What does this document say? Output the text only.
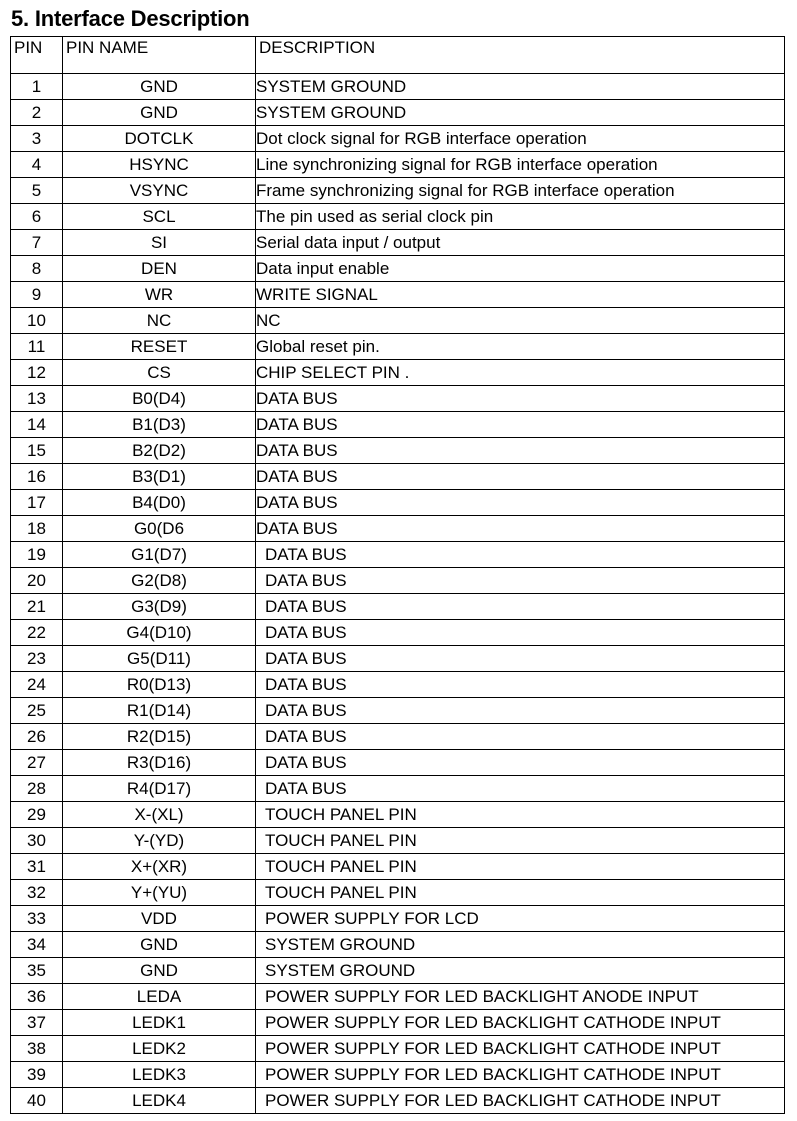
5. Interface Description
PIN	PIN NAME	DESCRIPTION
1	GND	SYSTEM GROUND
2	GND	SYSTEM GROUND
3	DOTCLK	Dot clock signal for RGB interface operation
4	HSYNC	Line synchronizing signal for RGB interface operation
5	VSYNC	Frame synchronizing signal for RGB interface operation
6	SCL	The pin used as serial clock pin
7	SI	Serial data input / output
8	DEN	Data input enable
9	WR	WRITE SIGNAL
10	NC	NC
11	RESET	Global reset pin.
12	CS	CHIP SELECT PIN .
13	B0(D4)	DATA BUS
14	B1(D3)	DATA BUS
15	B2(D2)	DATA BUS
16	B3(D1)	DATA BUS
17	B4(D0)	DATA BUS
18	G0(D6	DATA BUS
19	G1(D7)	DATA BUS
20	G2(D8)	DATA BUS
21	G3(D9)	DATA BUS
22	G4(D10)	DATA BUS
23	G5(D11)	DATA BUS
24	R0(D13)	DATA BUS
25	R1(D14)	DATA BUS
26	R2(D15)	DATA BUS
27	R3(D16)	DATA BUS
28	R4(D17)	DATA BUS
29	X-(XL)	TOUCH PANEL PIN
30	Y-(YD)	TOUCH PANEL PIN
31	X+(XR)	TOUCH PANEL PIN
32	Y+(YU)	TOUCH PANEL PIN
33	VDD	POWER SUPPLY FOR LCD
34	GND	SYSTEM GROUND
35	GND	SYSTEM GROUND
36	LEDA	POWER SUPPLY FOR LED BACKLIGHT ANODE INPUT
37	LEDK1	POWER SUPPLY FOR LED BACKLIGHT CATHODE INPUT
38	LEDK2	POWER SUPPLY FOR LED BACKLIGHT CATHODE INPUT
39	LEDK3	POWER SUPPLY FOR LED BACKLIGHT CATHODE INPUT
40	LEDK4	POWER SUPPLY FOR LED BACKLIGHT CATHODE INPUT
